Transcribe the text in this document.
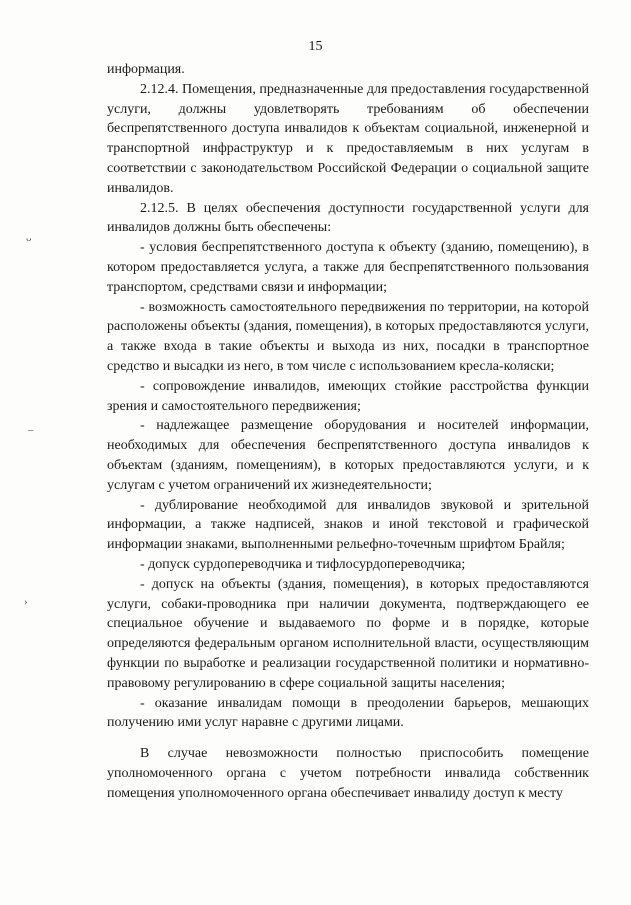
15

информация.

2.12.4. Помещения, предназначенные для предоставления государственной услуги, должны удовлетворять требованиям об обеспечении беспрепятственного доступа инвалидов к объектам социальной, инженерной и транспортной инфраструктур и к предоставляемым в них услугам в соответствии с законодательством Российской Федерации о социальной защите инвалидов.

2.12.5. В целях обеспечения доступности государственной услуги для инвалидов должны быть обеспечены:

- условия беспрепятственного доступа к объекту (зданию, помещению), в котором предоставляется услуга, а также для беспрепятственного пользования транспортом, средствами связи и информации;

- возможность самостоятельного передвижения по территории, на которой расположены объекты (здания, помещения), в которых предоставляются услуги, а также входа в такие объекты и выхода из них, посадки в транспортное средство и высадки из него, в том числе с использованием кресла-коляски;

- сопровождение инвалидов, имеющих стойкие расстройства функции зрения и самостоятельного передвижения;

- надлежащее размещение оборудования и носителей информации, необходимых для обеспечения беспрепятственного доступа инвалидов к объектам (зданиям, помещениям), в которых предоставляются услуги, и к услугам с учетом ограничений их жизнедеятельности;

- дублирование необходимой для инвалидов звуковой и зрительной информации, а также надписей, знаков и иной текстовой и графической информации знаками, выполненными рельефно-точечным шрифтом Брайля;

- допуск сурдопереводчика и тифлосурдопереводчика;

- допуск на объекты (здания, помещения), в которых предоставляются услуги, собаки-проводника при наличии документа, подтверждающего ее специальное обучение и выдаваемого по форме и в порядке, которые определяются федеральным органом исполнительной власти, осуществляющим функции по выработке и реализации государственной политики и нормативно-правовому регулированию в сфере социальной защиты населения;

- оказание инвалидам помощи в преодолении барьеров, мешающих получению ими услуг наравне с другими лицами.

В случае невозможности полностью приспособить помещение уполномоченного органа с учетом потребности инвалида собственник помещения уполномоченного органа обеспечивает инвалиду доступ к месту

ᴗ
–
›
